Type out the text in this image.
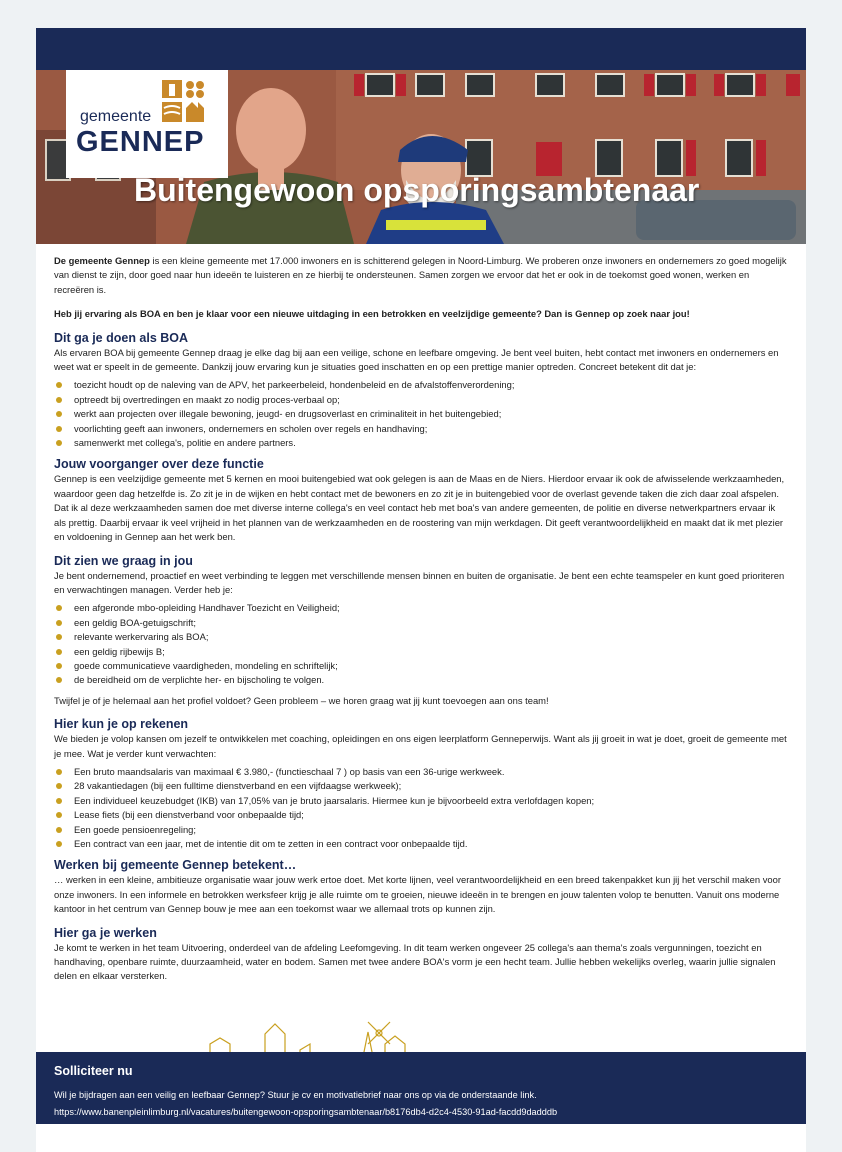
gemeente
GENNEP
Buitengewoon opsporingsambtenaar

De gemeente Gennep is een kleine gemeente met 17.000 inwoners en is schitterend gelegen in Noord-Limburg. We proberen onze inwoners en ondernemers zo goed mogelijk van dienst te zijn, door goed naar hun ideeën te luisteren en ze hierbij te ondersteunen. Samen zorgen we ervoor dat het er ook in de toekomst goed wonen, werken en recreëren is.

Heb jij ervaring als BOA en ben je klaar voor een nieuwe uitdaging in een betrokken en veelzijdige gemeente? Dan is Gennep op zoek naar jou!

Dit ga je doen als BOA

Als ervaren BOA bij gemeente Gennep draag je elke dag bij aan een veilige, schone en leefbare omgeving. Je bent veel buiten, hebt contact met inwoners en ondernemers en weet wat er speelt in de gemeente. Dankzij jouw ervaring kun je situaties goed inschatten en op een prettige manier optreden. Concreet betekent dit dat je:

toezicht houdt op de naleving van de APV, het parkeerbeleid, hondenbeleid en de afvalstoffenverordening;
optreedt bij overtredingen en maakt zo nodig proces-verbaal op;
werkt aan projecten over illegale bewoning, jeugd- en drugsoverlast en criminaliteit in het buitengebied;
voorlichting geeft aan inwoners, ondernemers en scholen over regels en handhaving;
samenwerkt met collega's, politie en andere partners.
Jouw voorganger over deze functie

Gennep is een veelzijdige gemeente met 5 kernen en mooi buitengebied wat ook gelegen is aan de Maas en de Niers. Hierdoor ervaar ik ook de afwisselende werkzaamheden, waardoor geen dag hetzelfde is. Zo zit je in de wijken en hebt contact met de bewoners en zo zit je in buitengebied voor de overlast gevende taken die zich daar zoal afspelen. Dat ik al deze werkzaamheden samen doe met diverse interne collega's en veel contact heb met boa's van andere gemeenten, de politie en diverse netwerkpartners ervaar ik als prettig. Daarbij ervaar ik veel vrijheid in het plannen van de werkzaamheden en de roostering van mijn werkdagen. Dit geeft verantwoordelijkheid en maakt dat ik met plezier en voldoening in Gennep aan het werk ben.

Dit zien we graag in jou

Je bent ondernemend, proactief en weet verbinding te leggen met verschillende mensen binnen en buiten de organisatie. Je bent een echte teamspeler en kunt goed prioriteren en verwachtingen managen. Verder heb je:

een afgeronde mbo-opleiding Handhaver Toezicht en Veiligheid;
een geldig BOA-getuigschrift;
relevante werkervaring als BOA;
een geldig rijbewijs B;
goede communicatieve vaardigheden, mondeling en schriftelijk;
de bereidheid om de verplichte her- en bijscholing te volgen.

Twijfel je of je helemaal aan het profiel voldoet? Geen probleem – we horen graag wat jij kunt toevoegen aan ons team!

Hier kun je op rekenen

We bieden je volop kansen om jezelf te ontwikkelen met coaching, opleidingen en ons eigen leerplatform Genneperwijs. Want als jij groeit in wat je doet, groeit de gemeente met je mee. Wat je verder kunt verwachten:

Een bruto maandsalaris van maximaal € 3.980,- (functieschaal 7 ) op basis van een 36-urige werkweek.
28 vakantiedagen (bij een fulltime dienstverband en een vijfdaagse werkweek);
Een individueel keuzebudget (IKB) van 17,05% van je bruto jaarsalaris. Hiermee kun je bijvoorbeeld extra verlofdagen kopen;
Lease fiets (bij een dienstverband voor onbepaalde tijd;
Een goede pensioenregeling;
Een contract van een jaar, met de intentie dit om te zetten in een contract voor onbepaalde tijd.
Werken bij gemeente Gennep betekent…

… werken in een kleine, ambitieuze organisatie waar jouw werk ertoe doet. Met korte lijnen, veel verantwoordelijkheid en een breed takenpakket kun jij het verschil maken voor onze inwoners. In een informele en betrokken werksfeer krijg je alle ruimte om te groeien, nieuwe ideeën in te brengen en jouw talenten volop te benutten. Vanuit ons moderne kantoor in het centrum van Gennep bouw je mee aan een toekomst waar we allemaal trots op kunnen zijn.

Hier ga je werken

Je komt te werken in het team Uitvoering, onderdeel van de afdeling Leefomgeving. In dit team werken ongeveer 25 collega's aan thema's zoals vergunningen, toezicht en handhaving, openbare ruimte, duurzaamheid, water en bodem. Samen met twee andere BOA's vorm je een hecht team. Jullie hebben wekelijks overleg, waarin jullie signalen delen en elkaar versterken.

Solliciteer nu
Wil je bijdragen aan een veilig en leefbaar Gennep? Stuur je cv en motivatiebrief naar ons op via de onderstaande link.
https://www.banenpleinlimburg.nl/vacatures/buitengewoon-opsporingsambtenaar/b8176db4-d2c4-4530-91ad-facdd9dadddb
